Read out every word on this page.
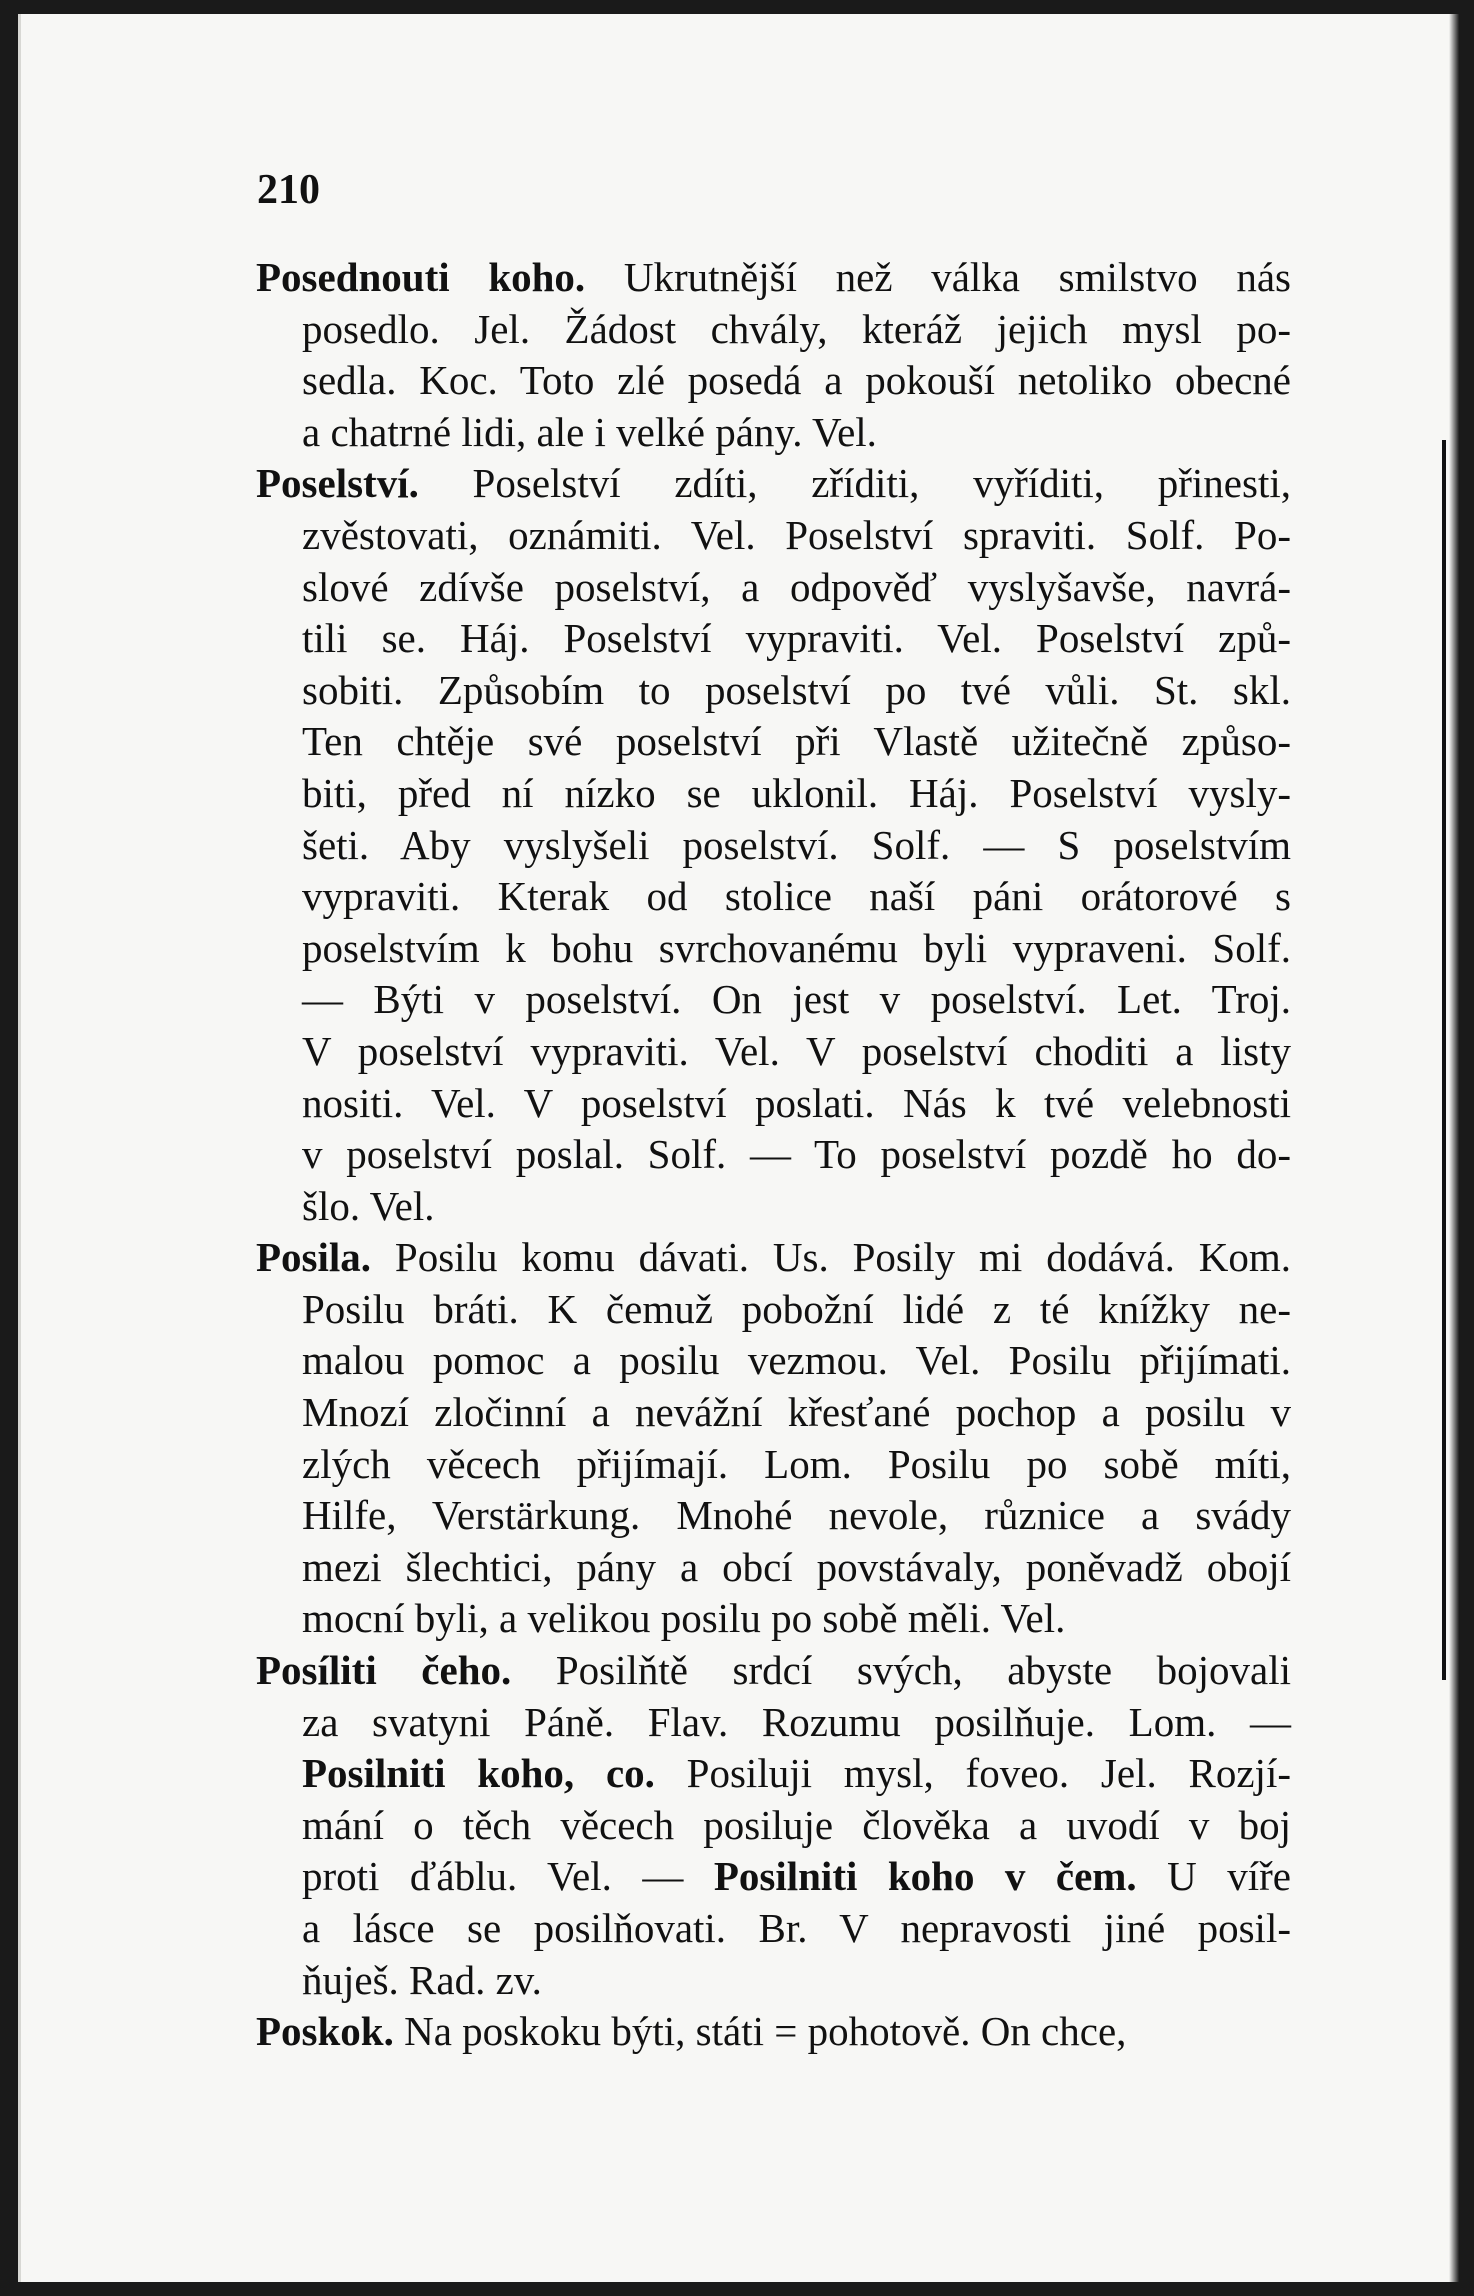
210
Posednouti koho. Ukrutnější než válka smilstvo nás
posedlo. Jel. Žádost chvály, kteráž jejich mysl po-
sedla. Koc. Toto zlé posedá a pokouší netoliko obecné
a chatrné lidi, ale i velké pány. Vel.
Poselství. Poselství zdíti, zříditi, vyříditi, přinesti,
zvěstovati, oznámiti. Vel. Poselství spraviti. Solf. Po-
slové zdívše poselství, a odpověď vyslyšavše, navrá-
tili se. Háj. Poselství vypraviti. Vel. Poselství způ-
sobiti. Způsobím to poselství po tvé vůli. St. skl.
Ten chtěje své poselství při Vlastě užitečně způso-
biti, před ní nízko se uklonil. Háj. Poselství vysly-
šeti. Aby vyslyšeli poselství. Solf. — S poselstvím
vypraviti. Kterak od stolice naší páni orátorové s
poselstvím k bohu svrchovanému byli vypraveni. Solf.
— Býti v poselství. On jest v poselství. Let. Troj.
V poselství vypraviti. Vel. V poselství choditi a listy
nositi. Vel. V poselství poslati. Nás k tvé velebnosti
v poselství poslal. Solf. — To poselství pozdě ho do-
šlo. Vel.
Posila. Posilu komu dávati. Us. Posily mi dodává. Kom.
Posilu bráti. K čemuž pobožní lidé z té knížky ne-
malou pomoc a posilu vezmou. Vel. Posilu přijímati.
Mnozí zločinní a nevážní křesťané pochop a posilu v
zlých věcech přijímají. Lom. Posilu po sobě míti,
Hilfe, Verstärkung. Mnohé nevole, různice a svády
mezi šlechtici, pány a obcí povstávaly, poněvadž obojí
mocní byli, a velikou posilu po sobě měli. Vel.
Posíliti čeho. Posilňtě srdcí svých, abyste bojovali
za svatyni Páně. Flav. Rozumu posilňuje. Lom. —
Posilniti koho, co. Posiluji mysl, foveo. Jel. Rozjí-
mání o těch věcech posiluje člověka a uvodí v boj
proti ďáblu. Vel. — Posilniti koho v čem. U víře
a lásce se posilňovati. Br. V nepravosti jiné posil-
ňuješ. Rad. zv.
Poskok. Na poskoku býti, státi = pohotově. On chce,
